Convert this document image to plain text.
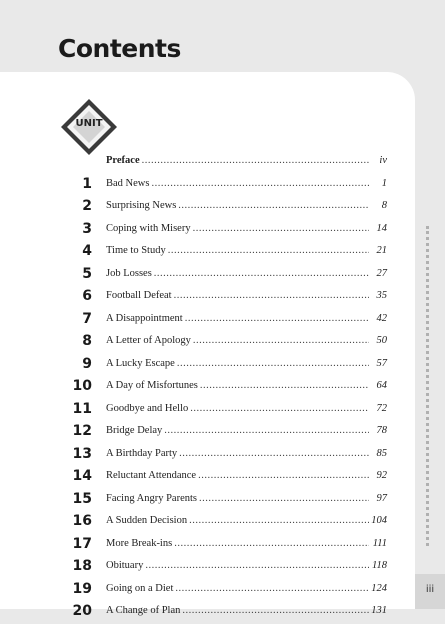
Contents
UNIT
Preface .....	iv
1 Bad News .....	1
2 Surprising News .....	8
3 Coping with Misery .....	14
4 Time to Study .....	21
5 Job Losses .....	27
6 Football Defeat .....	35
7 A Disappointment .....	42
8 A Letter of Apology .....	50
9 A Lucky Escape .....	57
10 A Day of Misfortunes .....	64
11 Goodbye and Hello .....	72
12 Bridge Delay .....	78
13 A Birthday Party .....	85
14 Reluctant Attendance .....	92
15 Facing Angry Parents .....	97
16 A Sudden Decision .....	104
17 More Break-ins .....	111
18 Obituary .....	118
19 Going on a Diet .....	124
20 A Change of Plan .....	131
iii
